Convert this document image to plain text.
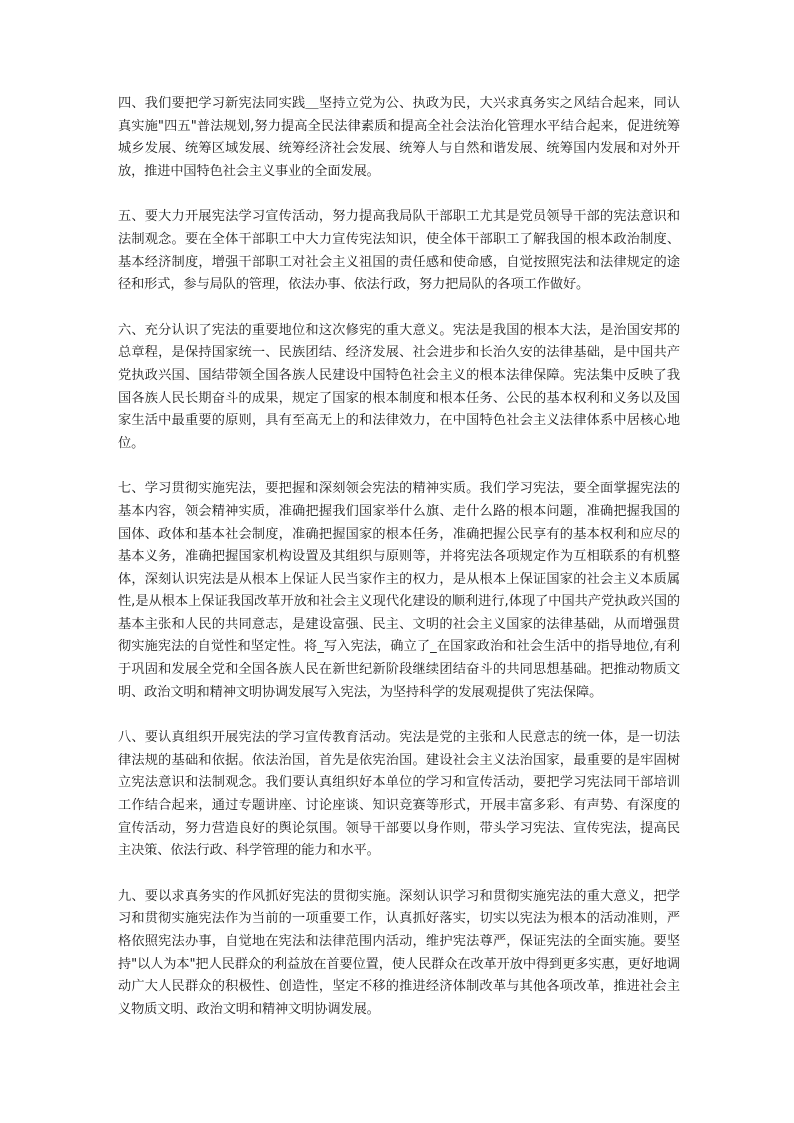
四、我们要把学习新宪法同实践＿坚持立党为公、执政为民，大兴求真务实之风结合起来，同认真实施"四五"普法规划,努力提高全民法律素质和提高全社会法治化管理水平结合起来，促进统筹城乡发展、统筹区域发展、统筹经济社会发展、统筹人与自然和谐发展、统筹国内发展和对外开放，推进中国特色社会主义事业的全面发展。

五、要大力开展宪法学习宣传活动，努力提高我局队干部职工尤其是党员领导干部的宪法意识和法制观念。要在全体干部职工中大力宣传宪法知识，使全体干部职工了解我国的根本政治制度、基本经济制度，增强干部职工对社会主义祖国的责任感和使命感，自觉按照宪法和法律规定的途径和形式，参与局队的管理，依法办事、依法行政，努力把局队的各项工作做好。

六、充分认识了宪法的重要地位和这次修宪的重大意义。宪法是我国的根本大法，是治国安邦的总章程，是保持国家统一、民族团结、经济发展、社会进步和长治久安的法律基础，是中国共产党执政兴国、国结带领全国各族人民建设中国特色社会主义的根本法律保障。宪法集中反映了我国各族人民长期奋斗的成果，规定了国家的根本制度和根本任务、公民的基本权利和义务以及国家生活中最重要的原则，具有至高无上的和法律效力，在中国特色社会主义法律体系中居核心地位。

七、学习贯彻实施宪法，要把握和深刻领会宪法的精神实质。我们学习宪法，要全面掌握宪法的基本内容，领会精神实质，准确把握我们国家举什么旗、走什么路的根本问题，准确把握我国的国体、政体和基本社会制度，准确把握国家的根本任务，准确把握公民享有的基本权利和应尽的基本义务，准确把握国家机构设置及其组织与原则等，并将宪法各项规定作为互相联系的有机整体，深刻认识宪法是从根本上保证人民当家作主的权力，是从根本上保证国家的社会主义本质属性,是从根本上保证我国改革开放和社会主义现代化建设的顺利进行,体现了中国共产党执政兴国的基本主张和人民的共同意志，是建设富强、民主、文明的社会主义国家的法律基础，从而增强贯彻实施宪法的自觉性和坚定性。将_写入宪法，确立了_在国家政治和社会生活中的指导地位,有利于巩固和发展全党和全国各族人民在新世纪新阶段继续团结奋斗的共同思想基础。把推动物质文明、政治文明和精神文明协调发展写入宪法，为坚持科学的发展观提供了宪法保障。

八、要认真组织开展宪法的学习宣传教育活动。宪法是党的主张和人民意志的统一体，是一切法律法规的基础和依据。依法治国，首先是依宪治国。建设社会主义法治国家，最重要的是牢固树立宪法意识和法制观念。我们要认真组织好本单位的学习和宣传活动，要把学习宪法同干部培训工作结合起来，通过专题讲座、讨论座谈、知识竞赛等形式，开展丰富多彩、有声势、有深度的宣传活动，努力营造良好的舆论氛围。领导干部要以身作则，带头学习宪法、宣传宪法，提高民主决策、依法行政、科学管理的能力和水平。

九、要以求真务实的作风抓好宪法的贯彻实施。深刻认识学习和贯彻实施宪法的重大意义，把学习和贯彻实施宪法作为当前的一项重要工作，认真抓好落实，切实以宪法为根本的活动准则，严格依照宪法办事，自觉地在宪法和法律范围内活动，维护宪法尊严，保证宪法的全面实施。要坚持"以人为本"把人民群众的利益放在首要位置，使人民群众在改革开放中得到更多实惠，更好地调动广大人民群众的积极性、创造性，坚定不移的推进经济体制改革与其他各项改革，推进社会主义物质文明、政治文明和精神文明协调发展。
